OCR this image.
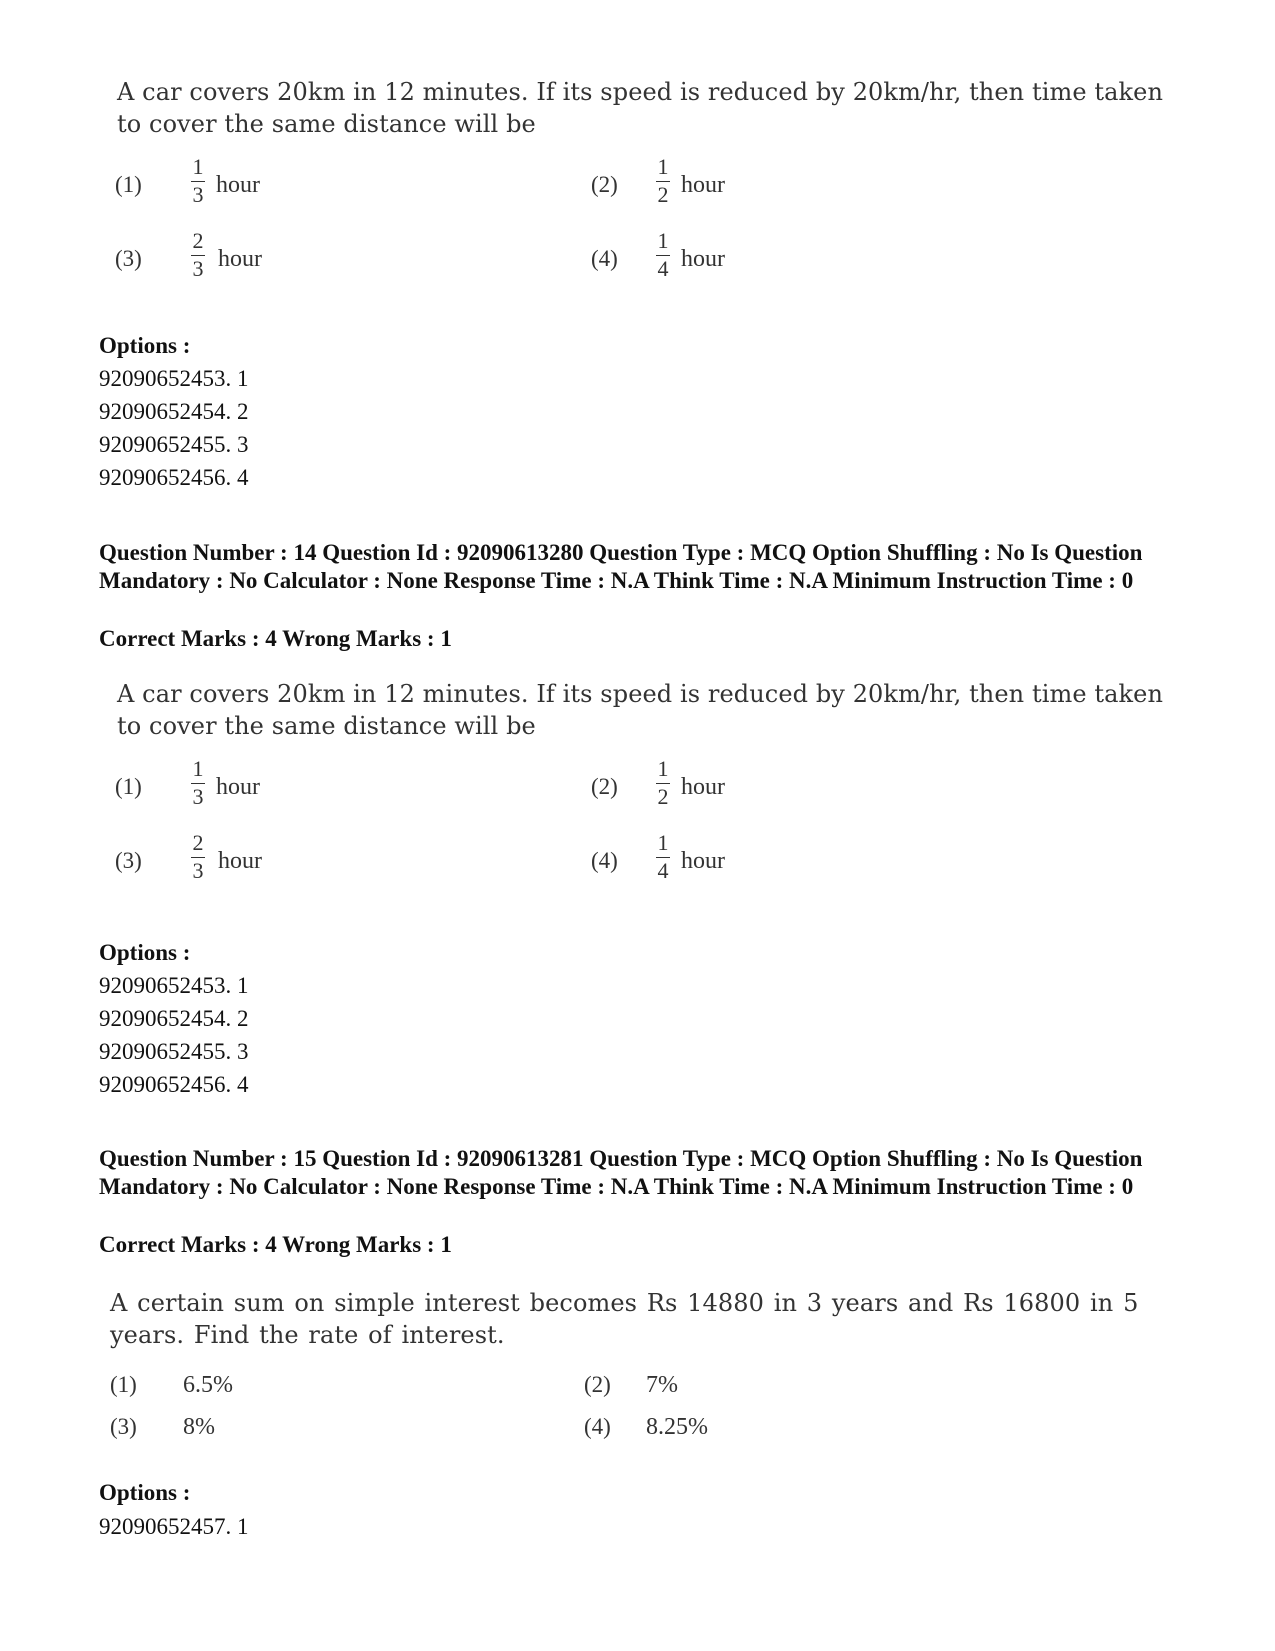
A car covers 20km in 12 minutes. If its speed is reduced by 20km/hr, then time taken
to cover the same distance will be
(1)
1
3 hour	(2)
1
2 hour
(3)
2
3 hour	(4)
1
4 hour
Options :
92090652453. 1
92090652454. 2
92090652455. 3
92090652456. 4
Question Number : 14 Question Id : 92090613280 Question Type : MCQ Option Shuffling : No Is Question Mandatory : No Calculator : None Response Time : N.A Think Time : N.A Minimum Instruction Time : 0
Correct Marks : 4 Wrong Marks : 1
A car covers 20km in 12 minutes. If its speed is reduced by 20km/hr, then time taken
to cover the same distance will be
(1)
1
3 hour	(2)
1
2 hour
(3)
2
3 hour	(4)
1
4 hour
Options :
92090652453. 1
92090652454. 2
92090652455. 3
92090652456. 4
Question Number : 15 Question Id : 92090613281 Question Type : MCQ Option Shuffling : No Is Question Mandatory : No Calculator : None Response Time : N.A Think Time : N.A Minimum Instruction Time : 0
Correct Marks : 4 Wrong Marks : 1
A certain sum on simple interest becomes Rs 14880 in 3 years and Rs 16800 in 5
years. Find the rate of interest.
(1) 6.5%	(2) 7%
(3) 8%	(4) 8.25%
Options :
92090652457. 1
